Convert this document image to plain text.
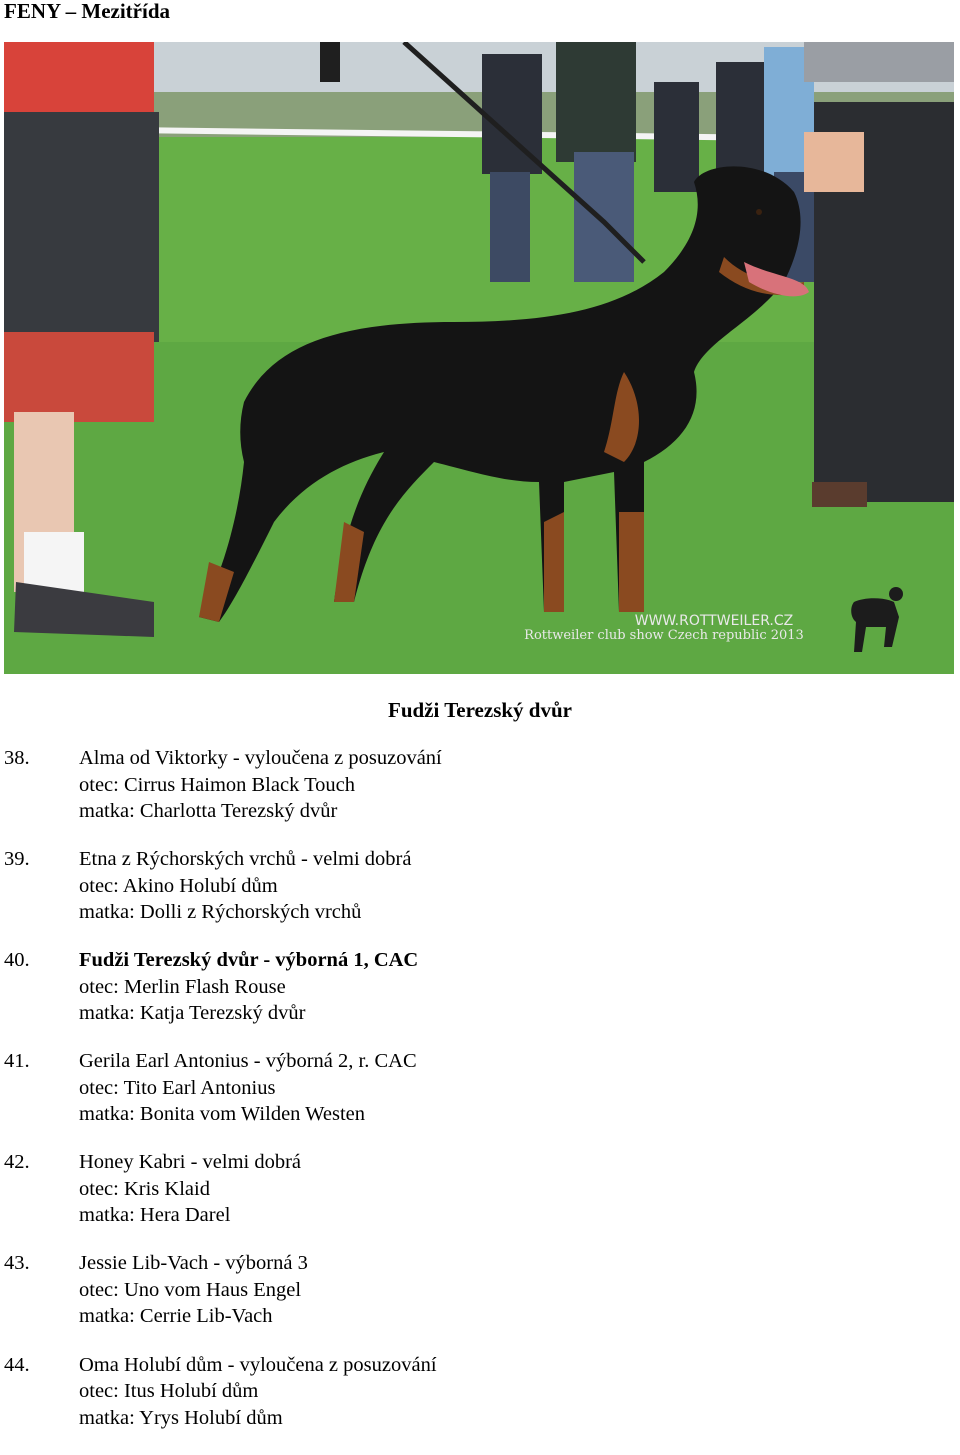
FENY – Mezitřída
WWW.ROTTWEILER.CZ
Rottweiler club show Czech republic 2013

Fudži Terezský dvůr

38. Alma od Viktorky - vyloučena z posuzování
otec: Cirrus Haimon Black Touch
matka: Charlotta Terezský dvůr
39. Etna z Rýchorských vrchů - velmi dobrá
otec: Akino Holubí dům
matka: Dolli z Rýchorských vrchů
40. Fudži Terezský dvůr - výborná 1, CAC
otec: Merlin Flash Rouse
matka: Katja Terezský dvůr
41. Gerila Earl Antonius - výborná 2, r. CAC
otec: Tito Earl Antonius
matka: Bonita vom Wilden Westen
42. Honey Kabri - velmi dobrá
otec: Kris Klaid
matka: Hera Darel
43. Jessie Lib-Vach - výborná 3
otec: Uno vom Haus Engel
matka: Cerrie Lib-Vach
44. Oma Holubí dům - vyloučena z posuzování
otec: Itus Holubí dům
matka: Yrys Holubí dům
